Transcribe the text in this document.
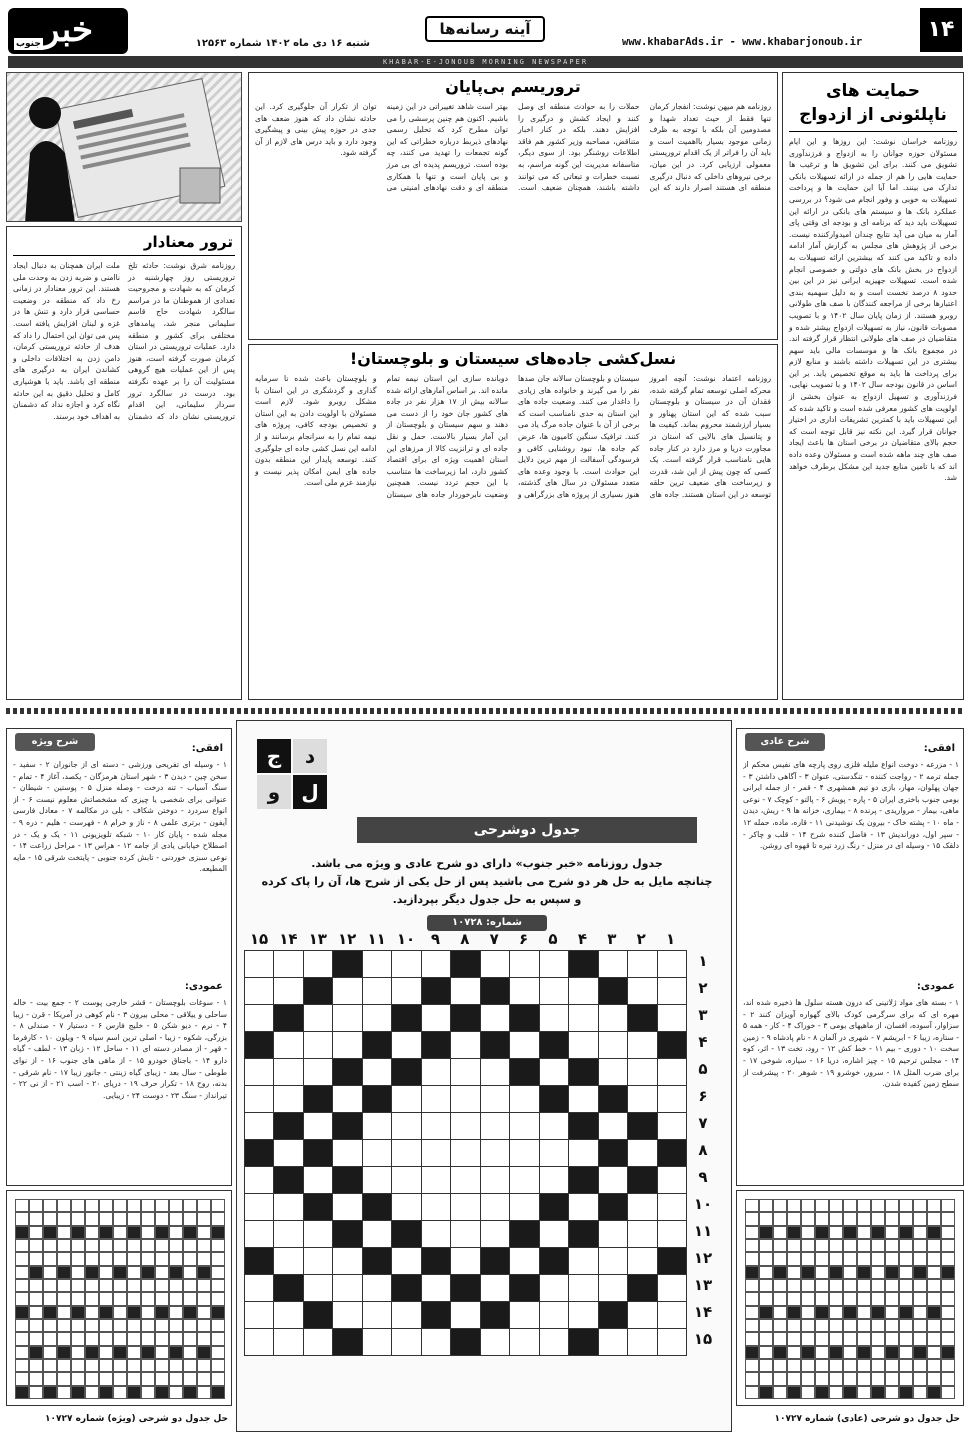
۱۴
www.khabarAds.ir - www.khabarjonoub.ir
آینه رسانه‌ها
شنبه ۱۶ دی ماه ۱۴۰۲ شماره ۱۲۵۶۳
خبر
جنوب
KHABAR-E-JONOUB MORNING NEWSPAPER
حمایت های ناپلئونی از ازدواج
روزنامه خراسان نوشت: این روزها و این ایام مسئولان حوزه جوانان را به ازدواج و فرزندآوری تشویق می کنند. برای این تشویق ها و ترغیب ها حمایت هایی را هم از جمله در ارائه تسهیلات بانکی تدارک می بینند. اما آیا این حمایت ها و پرداخت تسهیلات به خوبی و وفور انجام می شود؟ در بررسی عملکرد بانک ها و سیستم های بانکی در ارائه این تسهیلات باید دید که برنامه ای و بودجه ای وقتی پای آمار به میان می آید نتایج چندان امیدوارکننده نیست. برخی از پژوهش های مجلس به گزارش آمار ادامه داده و تاکید می کنند که بیشترین ارائه تسهیلات به ازدواج در بخش بانک های دولتی و خصوصی انجام شده است. تسهیلات جهیزیه ایرانی نیز در این بین حدود ۸ درصد نخست است و به دلیل سهمیه بندی اعتبارها برخی از مراجعه کنندگان با صف های طولانی روبرو هستند. از زمان پایان سال ۱۴۰۲ و با تصویب مصوبات قانون، نیاز به تسهیلات ازدواج بیشتر شده و متقاضیان در صف های طولانی انتظار قرار گرفته اند. در مجموع بانک ها و موسسات مالی باید سهم بیشتری در این تسهیلات داشته باشند و منابع لازم برای پرداخت ها باید به موقع تخصیص یابد. بر این اساس در قانون بودجه سال ۱۴۰۲ و با تصویب نهایی، فرزندآوری و تسهیل ازدواج به عنوان بخشی از اولویت های کشور معرفی شده است و تاکید شده که این تسهیلات باید با کمترین تشریفات اداری در اختیار جوانان قرار گیرد. این نکته نیز قابل توجه است که حجم بالای متقاضیان در برخی استان ها باعث ایجاد صف های چند ماهه شده است و مسئولان وعده داده اند که با تامین منابع جدید این مشکل برطرف خواهد شد.
تروریسم بی‌پایان
روزنامه هم میهن نوشت: انفجار کرمان تنها فقط از حیث تعداد شهدا و مصدومین آن بلکه با توجه به ظرف زمانی موجود بسیار بااهمیت است و باید آن را فراتر از یک اقدام تروریستی معمولی ارزیابی کرد. در این میان، برخی نیروهای داخلی که دنبال درگیری منطقه ای هستند اصرار دارند که این حملات را به حوادث منطقه ای وصل کنند و ایجاد کشش و درگیری را افزایش دهند. بلکه در کنار اخبار متناقض، مصاحبه وزیر کشور هم فاقد اطلاعات روشنگر بود. از سوی دیگر، متاسفانه مدیریت این گونه مراسم، به نسبت خطرات و تبعاتی که می توانند داشته باشند، همچنان ضعیف است. بهتر است شاهد تغییراتی در این زمینه باشیم. اکنون هم چنین پرسشی را می توان مطرح کرد که تحلیل رسمی نهادهای ذیربط درباره خطراتی که این گونه تجمعات را تهدید می کنند، چه بوده است. تروریسم پدیده ای بی مرز و بی پایان است و تنها با همکاری منطقه ای و دقت نهادهای امنیتی می توان از تکرار آن جلوگیری کرد. این حادثه نشان داد که هنوز ضعف های جدی در حوزه پیش بینی و پیشگیری وجود دارد و باید درس های لازم از آن گرفته شود.
ترور معنادار
روزنامه شرق نوشت: حادثه تلخ تروریستی روز چهارشنبه در کرمان که به شهادت و مجروحیت تعدادی از هموطنان ما در مراسم سالگرد شهادت حاج قاسم سلیمانی منجر شد، پیامدهای مختلفی برای کشور و منطقه دارد. عملیات تروریستی در استان کرمان صورت گرفته است، هنوز پس از این عملیات هیچ گروهی مسئولیت آن را بر عهده نگرفته بود. درست در سالگرد ترور سردار سلیمانی، این اقدام تروریستی نشان داد که دشمنان ملت ایران همچنان به دنبال ایجاد ناامنی و ضربه زدن به وحدت ملی هستند. این ترور معنادار در زمانی رخ داد که منطقه در وضعیت حساسی قرار دارد و تنش ها در غزه و لبنان افزایش یافته است. پس می توان این احتمال را داد که هدف از حادثه تروریستی کرمان، دامن زدن به اختلافات داخلی و کشاندن ایران به درگیری های منطقه ای باشد. باید با هوشیاری کامل و تحلیل دقیق به این حادثه نگاه کرد و اجازه نداد که دشمنان به اهداف خود برسند.
نسل‌کشی جاده‌های سیستان و بلوچستان!
روزنامه اعتماد نوشت: آنچه امروز محرکه اصلی توسعه تمام گرفته شده، فقدان آن در سیستان و بلوچستان سبب شده که این استان پهناور و بسیار ارزشمند محروم بماند. کیفیت ها و پتانسیل های بالایی که استان در مجاورت دریا و مرز دارد در کنار جاده هایی نامناسب قرار گرفته است. یک کسی که چون پیش از این شد، قدرت و زیرساخت های ضعیف ترین حلقه توسعه در این استان هستند. جاده های سیستان و بلوچستان سالانه جان صدها نفر را می گیرند و خانواده های زیادی را داغدار می کنند. وضعیت جاده های این استان به حدی نامناسب است که برخی از آن با عنوان جاده مرگ یاد می کنند. ترافیک سنگین کامیون ها، عرض کم جاده ها، نبود روشنایی کافی و فرسودگی آسفالت از مهم ترین دلایل این حوادث است. با وجود وعده های متعدد مسئولان در سال های گذشته، هنوز بسیاری از پروژه های بزرگراهی و دوبانده سازی این استان نیمه تمام مانده اند. بر اساس آمارهای ارائه شده سالانه بیش از ۱۷ هزار نفر در جاده های کشور جان خود را از دست می دهند و سهم سیستان و بلوچستان از این آمار بسیار بالاست. حمل و نقل جاده ای و ترانزیت کالا از مرزهای این استان اهمیت ویژه ای برای اقتصاد کشور دارد، اما زیرساخت ها متناسب با این حجم تردد نیست. همچنین وضعیت نابرخوردار جاده های سیستان و بلوچستان باعث شده تا سرمایه گذاری و گردشگری در این استان با مشکل روبرو شود. لازم است مسئولان با اولویت دادن به این استان و تخصیص بودجه کافی، پروژه های نیمه تمام را به سرانجام برسانند و از ادامه این نسل کشی جاده ای جلوگیری کنند. توسعه پایدار این منطقه بدون جاده های ایمن امکان پذیر نیست و نیازمند عزم ملی است.
ج	د
و	ل
جدول دوشرحی
جدول روزنامه «خبر جنوب» دارای دو شرح عادی و ویژه می باشد.
چنانچه مایل به حل هر دو شرح می باشید پس از حل یکی از شرح ها، آن را پاک کرده
و سپس به حل جدول دیگر بپردازید.
شماره: ۱۰۷۲۸
۱
۲
۳
۴
۵
۶
۷
۸
۹
۱۰
۱۱
۱۲
۱۳
۱۴
۱۵
۱
۲
۳
۴
۵
۶
۷
۸
۹
۱۰
۱۱
۱۲
۱۳
۱۴
۱۵
شرح عادی
افقی:
۱ - مزرعه - دوخت انواع ملیله فلزی روی پارچه های نفیس محکم از جمله ترمه ۲ - رواجت کننده - تنگدستی، عنوان ۳ - آگاهی داشتن ۳ - جهان پهلوان، مهار، بازی دو تیم همشهری ۴ - قمر - از جمله ایرانی بومی جنوب باختری ایران ۵ - پاره - پویش ۶ - پالتو - کوچک ۷ - نوعی ماهی، بیمار - مرواریدی - پرنده ۸ - بیماری، خزانه ها ۹ - ریش، دیدن - ماه ۱۰ - پشته خاک - بیرون یک نوشیدنی ۱۱ - قاره، ماده، حمله ۱۲ - سپر اول، دوراندیش ۱۳ - فاضل کننده شرح ۱۴ - قلب و چاکر - دلقک ۱۵ - وسیله ای در منزل - رنگ زرد تیره تا قهوه ای روشن.
عمودی:
۱ - بسته های مواد ژلاتینی که درون هسته سلول ها ذخیره شده اند، مهره ای که برای سرگرمی کودک بالای گهواره آویزان کنند ۲ - سزاوار، آسوده، افسان، از ماهیهای بومی ۳ - خوراک ۴ - کار - همه ۵ - ستاره، زیبا ۶ - ابریشم ۷ - شهری در آلمان ۸ - نام پادشاه ۹ - زمین سخت ۱۰ - دوری - بیم ۱۱ - خط کش ۱۲ - رود، تخت ۱۳ - اثر، کوه ۱۴ - مجلس ترحیم ۱۵ - چیز اشاره، دریا ۱۶ - سیاره، شوخی ۱۷ - برای ضرب المثل ۱۸ - سرور، خوشرو ۱۹ - شوهر ۲۰ - پیشرفت از سطح زمین کفیده شدن.
شرح ویژه
افقی:
۱ - وسیله ای تفریحی ورزشی - دسته ای از جانوران ۲ - سفید - سخن چین - دیدن ۳ - شهر استان هرمزگان - یکصد، آغاز ۴ - تمام - سنگ آسیاب - تنه درخت - وصله منزل ۵ - پوستین - شیطان - عنوانی برای شخصی یا چیزی که مشخصاتش معلوم نیست ۶ - از انواع سردرد - دوختن شکاف - بلی در مکالمه ۷ - معادل فارسی آیفون - برتری علمی ۸ - ناز و خرام ۸ - فهرست - هلیم - دره ۹ - مجله شده - پایان کار ۱۰ - شبکه تلویزیونی ۱۱ - یک و یک - در اصطلاح خیابانی یادی از جامه ۱۲ - هراس ۱۳ - مراحل زراعت ۱۴ - نوعی سبزی خوردنی - تابش کرده جنوبی - پایتخت شرقی ۱۵ - مایه المطیعه.
عمودی:
۱ - سوغات بلوچستان - قشر خارجی پوست ۲ - جمع بیت - خاله ساحلی و ییلاقی - محلی بیرون ۳ - نام کوهی در آمریکا - قرن - زیبا ۴ - نرم - دیو شکن ۵ - خلیج فارس ۶ - دستیار ۷ - صندلی ۸ - بزرگی، شکوه - زیبا - اصلی ترین اسم سیاه ۹ - ویلون ۱۰ - کارفرما - قهر - از مصادر دسته ای ۱۱ - ساحل ۱۲ - زبان ۱۳ - لطف - گیاه دارو ۱۴ - باجناق خودرو ۱۵ - از ماهی های جنوب ۱۶ - از نوای طوطی - سال بعد - زیبای گیاه زینتی - جانور زیبا ۱۷ - نام شرقی - بدنه، روح ۱۸ - تکرار حرف ۱۹ - دریای ۲۰ - اسب ۲۱ - از نی ۲۲ - تیرانداز - سنگ ۲۳ - دوست ۲۴ - زیبایی.
حل جدول دو شرحی (عادی) شماره ۱۰۷۲۷
حل جدول دو شرحی (ویژه) شماره ۱۰۷۲۷
